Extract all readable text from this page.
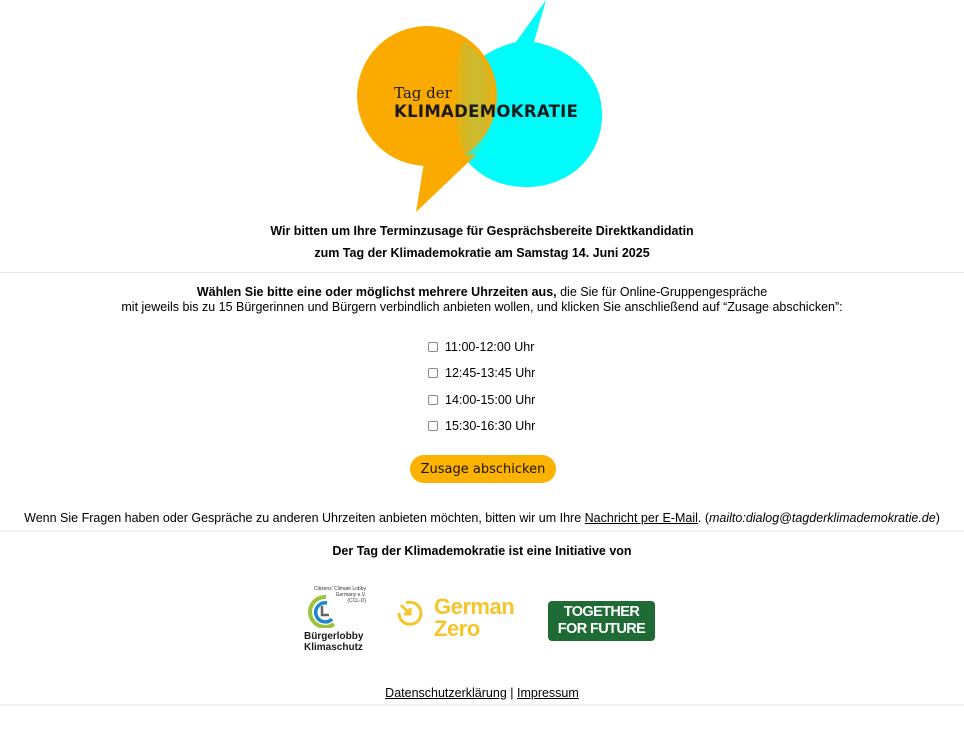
Tag der
KLIMADEMOKRATIE
Wir bitten um Ihre Terminzusage für Gesprächsbereite Direktkandidatin
zum Tag der Klimademokratie am Samstag 14. Juni 2025
Wählen Sie bitte eine oder möglichst mehrere Uhrzeiten aus, die Sie für Online-Gruppengespräche
mit jeweils bis zu 15 Bürgerinnen und Bürgern verbindlich anbieten wollen, und klicken Sie anschließend auf “Zusage abschicken”:
11:00-12:00 Uhr
12:45-13:45 Uhr
14:00-15:00 Uhr
15:30-16:30 Uhr
Zusage abschicken
Wenn Sie Fragen haben oder Gespräche zu anderen Uhrzeiten anbieten möchten, bitten wir um Ihre Nachricht per E-Mail. (mailto:dialog@tagderklimademokratie.de)
Der Tag der Klimademokratie ist eine Initiative von
Citizens' Climate Lobby
Germany e.V.
(CCL-D)
Bürgerlobby
Klimaschutz
German
Zero
TOGETHER
FOR FUTURE
Datenschutzerklärung | Impressum
